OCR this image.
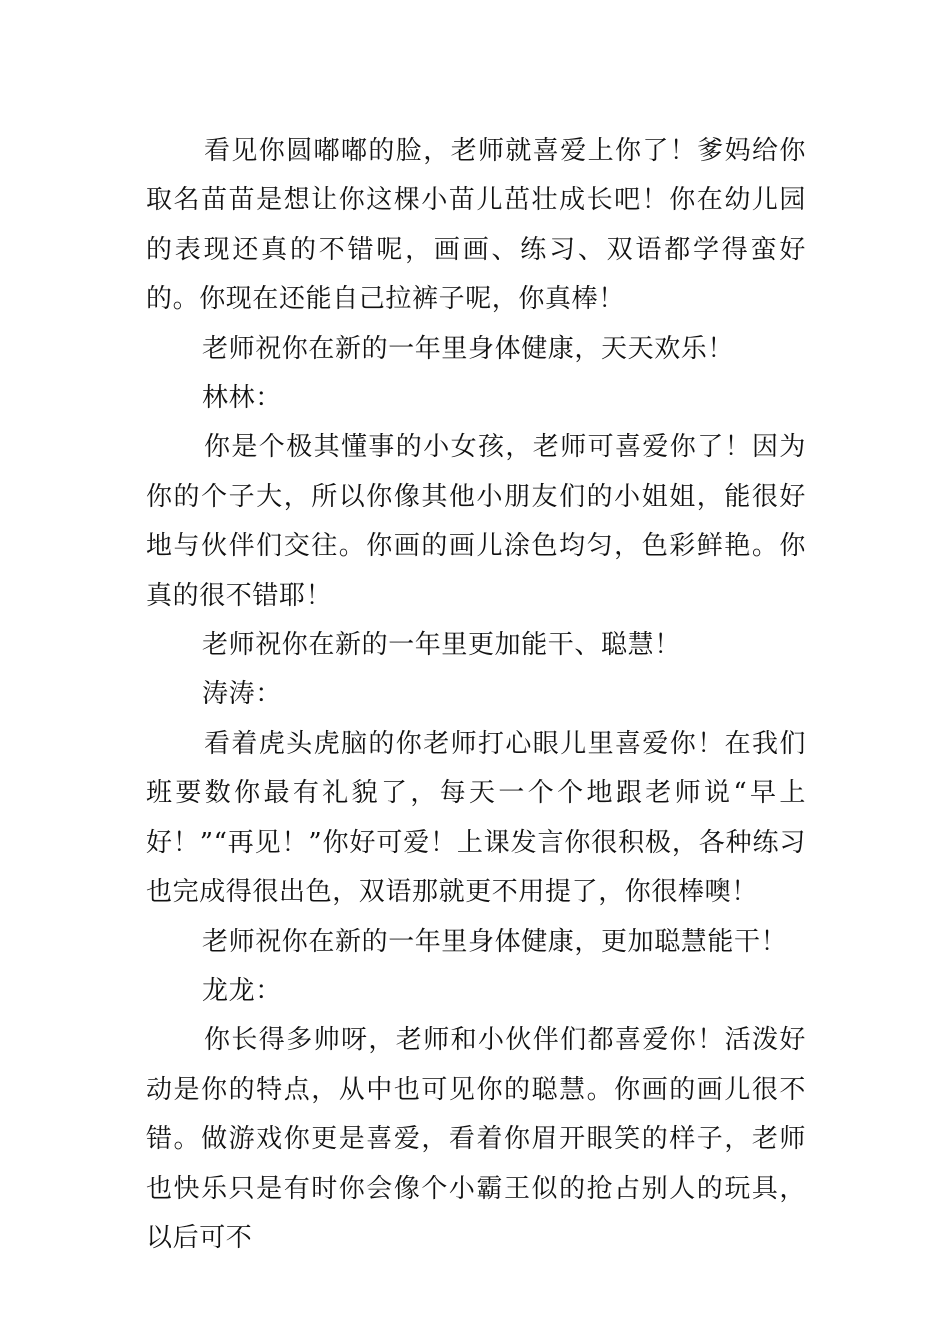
看见你圆嘟嘟的脸，老师就喜爱上你了！爹妈给你取名苗苗是想让你这棵小苗儿茁壮成长吧！你在幼儿园的表现还真的不错呢，画画、练习、双语都学得蛮好的。你现在还能自己拉裤子呢，你真棒！

老师祝你在新的一年里身体健康，天天欢乐！

林林：

你是个极其懂事的小女孩，老师可喜爱你了！因为你的个子大，所以你像其他小朋友们的小姐姐，能很好地与伙伴们交往。你画的画儿涂色均匀，色彩鲜艳。你真的很不错耶！

老师祝你在新的一年里更加能干、聪慧！

涛涛：

看着虎头虎脑的你老师打心眼儿里喜爱你！在我们班要数你最有礼貌了，每天一个个地跟老师说“早上好！”“再见！”你好可爱！上课发言你很积极，各种练习也完成得很出色，双语那就更不用提了，你很棒噢！

老师祝你在新的一年里身体健康，更加聪慧能干！

龙龙：

你长得多帅呀，老师和小伙伴们都喜爱你！活泼好动是你的特点，从中也可见你的聪慧。你画的画儿很不错。做游戏你更是喜爱，看着你眉开眼笑的样子，老师也快乐只是有时你会像个小霸王似的抢占别人的玩具，以后可不
